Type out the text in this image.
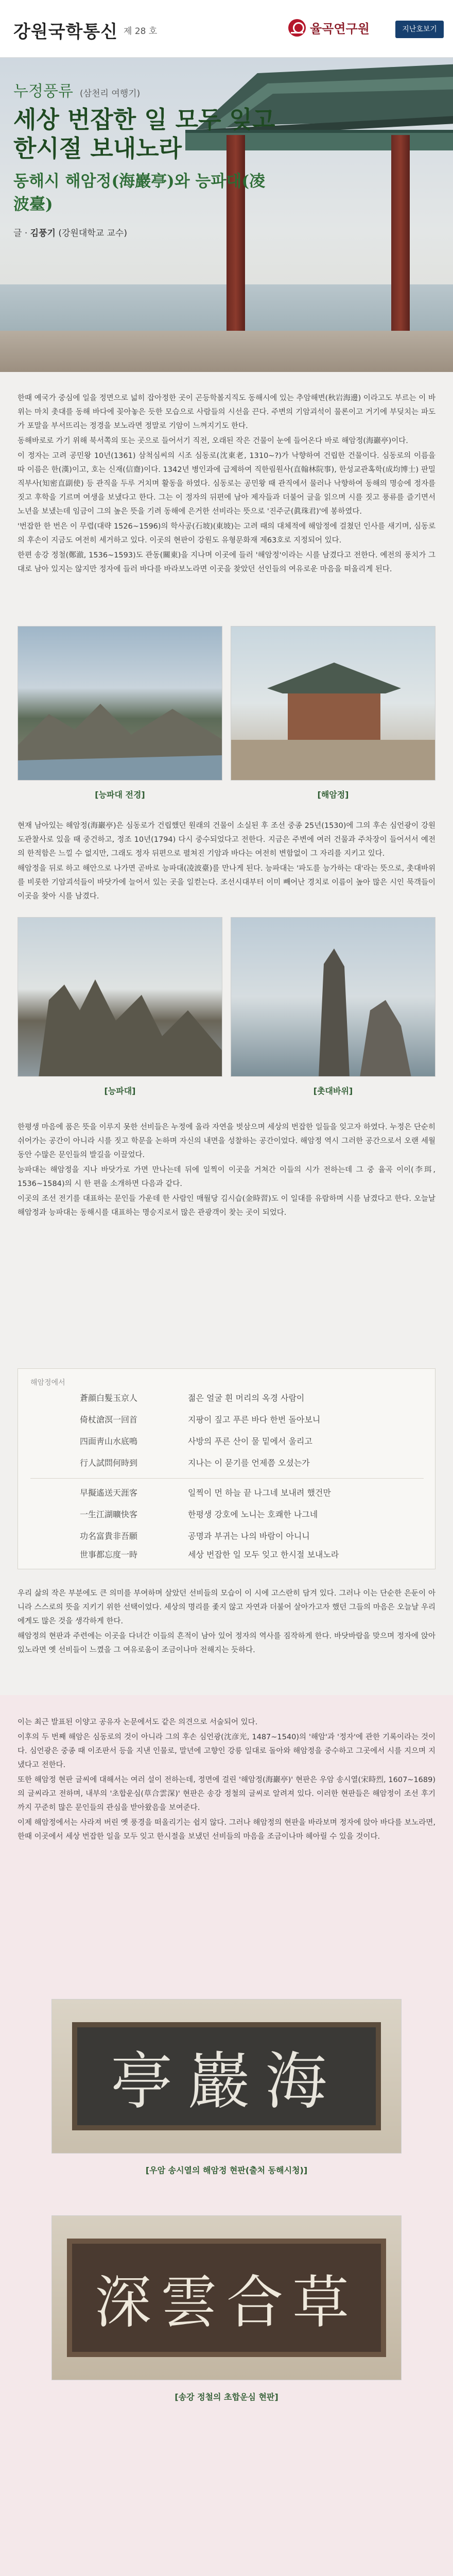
강원국학통신 제 28 호	율곡연구원	지난호보기
누정풍류 (삼천리 여행기)
세상 번잡한 일 모두 잊고
한시절 보내노라
동해시 해암정(海巖亭)와 능파대(凌波臺)
글 · 김풍기 (강원대학교 교수)

한때 예국가 중심에 일을 정면으로 넓히 잡아정한 곳이 곤등학볼지직도 동해시에 있는 추암해변(秋岩海邊) 이라고도 부르는 이 바위는 마치 촛대를 동해 바다에 꽂아놓은 듯한 모습으로 사람들의 시선을 끈다. 주변의 기암괴석이 물론이고 거기에 부딪치는 파도가 포말을 부서뜨리는 정경을 보노라면 정말로 기암이 느껴지기도 한다.

동해바로로 가기 위해 북서쪽의 또는 곳으로 들어서기 직전, 오래된 작은 건물이 눈에 들어온다 바로 해암정(海巖亭)이다.

이 정자는 고려 공민왕 10년(1361) 삼척심씨의 시조 심동로(沈東老, 1310~?)가 낙향하여 건립한 건물이다. 심동로의 이름을 따 이름은 한(漢)이고, 호는 신재(信齋)이다. 1342년 병인과에 급제하여 직한림원사(直翰林院事), 한성교관혹학(成均博士) 판밀직부사(知密直副使) 등 관직을 두루 거치며 활동을 하였다. 심동로는 공민왕 때 관직에서 물러나 낙향하여 동해의 명승에 정자를 짓고 후학을 기르며 여생을 보냈다고 한다. 그는 이 정자의 뒤편에 남아 제자들과 더불어 글을 읽으며 시를 짓고 풍류를 즐기면서 노년을 보냈는데 임금이 그의 높은 뜻을 기려 동해에 은거한 선비라는 뜻으로 '진주군(眞珠君)'에 봉하였다.

'번잡한 한 번은 이 무렵(대략 1526~1596)의 학사공(石坡)(東坡)는 고려 때의 대체적에 해암정에 걸쳤던 인사를 새기며, 심동로의 후손이 지금도 여전히 세거하고 있다. 이곳의 현판이 강원도 유형문화재 제63호로 지정되어 있다.

한편 송강 정철(鄭澈, 1536~1593)도 관동(關東)을 지나며 이곳에 들러 '해암정'이라는 시를 남겼다고 전한다. 예전의 풍치가 그대로 남아 있지는 않지만 정자에 들러 바다를 바라보노라면 이곳을 찾았던 선인들의 여유로운 마음을 떠올리게 된다.

[능파대 전경]	[해암정]

현재 남아있는 해암정(海巖亭)은 심동로가 건립했던 원래의 건물이 소실된 후 조선 중종 25년(1530)에 그의 후손 심언광이 강원도관찰사로 있을 때 중건하고, 정조 10년(1794) 다시 중수되었다고 전한다. 지금은 주변에 여러 건물과 주차장이 들어서서 예전의 한적함은 느낄 수 없지만, 그래도 정자 뒤편으로 펼쳐진 기암과 바다는 여전히 변함없이 그 자리를 지키고 있다.

해암정을 뒤로 하고 해안으로 나가면 곧바로 능파대(凌波臺)를 만나게 된다. 능파대는 '파도를 능가하는 대'라는 뜻으로, 촛대바위를 비롯한 기암괴석들이 바닷가에 늘어서 있는 곳을 일컫는다. 조선시대부터 이미 빼어난 경치로 이름이 높아 많은 시인 묵객들이 이곳을 찾아 시를 남겼다.

[능파대]	[촛대바위]

한평생 마음에 품은 뜻을 이루지 못한 선비들은 누정에 올라 자연을 벗삼으며 세상의 번잡한 일들을 잊고자 하였다. 누정은 단순히 쉬어가는 공간이 아니라 시를 짓고 학문을 논하며 자신의 내면을 성찰하는 공간이었다. 해암정 역시 그러한 공간으로서 오랜 세월 동안 수많은 문인들의 발길을 이끌었다.

능파대는 해암정을 지나 바닷가로 가면 만나는데 뒤에 일찍이 이곳을 거쳐간 이들의 시가 전하는데 그 중 율곡 이이(李珥, 1536~1584)의 시 한 편을 소개하면 다음과 같다.

이곳의 조선 전기를 대표하는 문인들 가운데 한 사람인 매월당 김시습(金時習)도 이 일대를 유람하며 시를 남겼다고 한다. 오늘날 해암정과 능파대는 동해시를 대표하는 명승지로서 많은 관광객이 찾는 곳이 되었다.

해암정에서
蒼顔白髮玉京人	젊은 얼굴 흰 머리의 옥경 사람이
倚杖滄溟一回首	지팡이 짚고 푸른 바다 한번 돌아보니
四面靑山水底鳴	사방의 푸른 산이 물 밑에서 울리고
行人試問何時到	지나는 이 묻기를 언제쯤 오셨는가
早擬遙送天涯客	일찍이 먼 하늘 끝 나그네 보내려 했건만
一生江湖曠快客	한평생 강호에 노니는 호쾌한 나그네
功名富貴非吾願	공명과 부귀는 나의 바람이 아니니
世事都忘度一時	세상 번잡한 일 모두 잊고 한시절 보내노라

우리 삶의 작은 부분에도 큰 의미를 부여하며 살았던 선비들의 모습이 이 시에 고스란히 담겨 있다. 그러나 이는 단순한 은둔이 아니라 스스로의 뜻을 지키기 위한 선택이었다. 세상의 명리를 좇지 않고 자연과 더불어 살아가고자 했던 그들의 마음은 오늘날 우리에게도 많은 것을 생각하게 한다.

해암정의 현판과 주련에는 이곳을 다녀간 이들의 흔적이 남아 있어 정자의 역사를 짐작하게 한다. 바닷바람을 맞으며 정자에 앉아 있노라면 옛 선비들이 느꼈을 그 여유로움이 조금이나마 전해지는 듯하다.

이는 최근 발표된 이양고 공유자 논문에서도 같은 의견으로 서술되어 있다.

이후의 두 번째 해암은 심동로의 것이 아니라 그의 후손 심언광(沈彦光, 1487~1540)의 '해암'과 '정자'에 관한 기록이라는 것이다. 심언광은 중종 때 이조판서 등을 지낸 인물로, 말년에 고향인 강릉 일대로 돌아와 해암정을 중수하고 그곳에서 시를 지으며 지냈다고 전한다.

또한 해암정 현판 글씨에 대해서는 여러 설이 전하는데, 정면에 걸린 '해암정(海巖亭)' 현판은 우암 송시열(宋時烈, 1607~1689)의 글씨라고 전하며, 내부의 '초합운심(草合雲深)' 현판은 송강 정철의 글씨로 알려져 있다. 이러한 현판들은 해암정이 조선 후기까지 꾸준히 많은 문인들의 관심을 받아왔음을 보여준다.

이제 해암정에서는 사라져 버린 옛 풍경을 떠올리기는 쉽지 않다. 그러나 해암정의 현판을 바라보며 정자에 앉아 바다를 보노라면, 한때 이곳에서 세상 번잡한 일을 모두 잊고 한시절을 보냈던 선비들의 마음을 조금이나마 헤아릴 수 있을 것이다.

亭巖海
[우암 송시열의 해암정 현판(출처 동해시청)]
深雲合草
[송강 정철의 초합운심 현판]
